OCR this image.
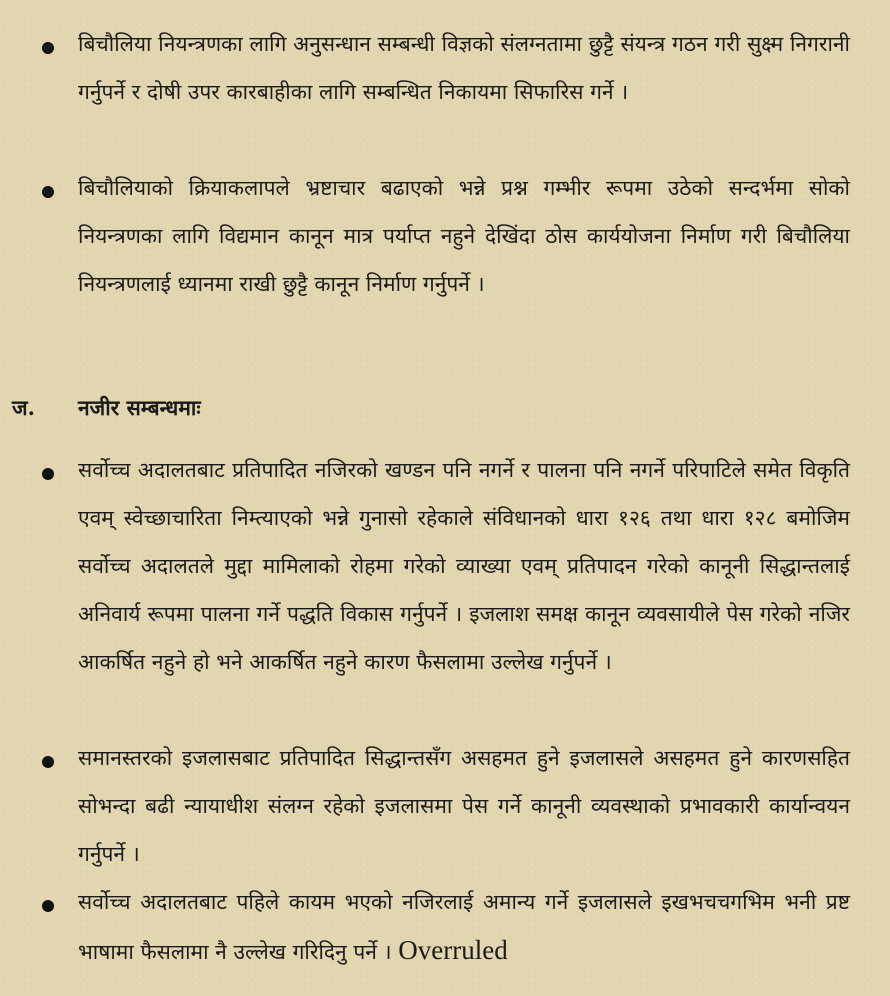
बिचौलिया नियन्त्रणका लागि अनुसन्धान सम्बन्धी विज्ञको संलग्नतामा छुट्टै संयन्त्र गठन गरी सुक्ष्म निगरानी गर्नुपर्ने र दोषी उपर कारबाहीका लागि सम्बन्धित निकायमा सिफारिस गर्ने ।
बिचौलियाको क्रियाकलापले भ्रष्टाचार बढाएको भन्ने प्रश्न गम्भीर रूपमा उठेको सन्दर्भमा सोको नियन्त्रणका लागि विद्यमान कानून मात्र पर्याप्त नहुने देखिंदा ठोस कार्ययोजना निर्माण गरी बिचौलिया नियन्त्रणलाई ध्यानमा राखी छुट्टै कानून निर्माण गर्नुपर्ने ।
ज. नजीर सम्बन्धमाः
सर्वोच्च अदालतबाट प्रतिपादित नजिरको खण्डन पनि नगर्ने र पालना पनि नगर्ने परिपाटिले समेत विकृति एवम् स्वेच्छाचारिता निम्त्याएको भन्ने गुनासो रहेकाले संविधानको धारा १२६ तथा धारा १२८ बमोजिम सर्वोच्च अदालतले मुद्दा मामिलाको रोहमा गरेको व्याख्या एवम् प्रतिपादन गरेको कानूनी सिद्धान्तलाई अनिवार्य रूपमा पालना गर्ने पद्धति विकास गर्नुपर्ने । इजलाश समक्ष कानून व्यवसायीले पेस गरेको नजिर आकर्षित नहुने हो भने आकर्षित नहुने कारण फैसलामा उल्लेख गर्नुपर्ने ।
समानस्तरको इजलासबाट प्रतिपादित सिद्धान्तसँग असहमत हुने इजलासले असहमत हुने कारणसहित सोभन्दा बढी न्यायाधीश संलग्न रहेको इजलासमा पेस गर्ने कानूनी व्यवस्थाको प्रभावकारी कार्यान्वयन गर्नुपर्ने ।
सर्वोच्च अदालतबाट पहिले कायम भएको नजिरलाई अमान्य गर्ने इजलासले इखभचचगभिम भनी प्रष्ट भाषामा फैसलामा नै उल्लेख गरिदिनु पर्ने । Overruled
